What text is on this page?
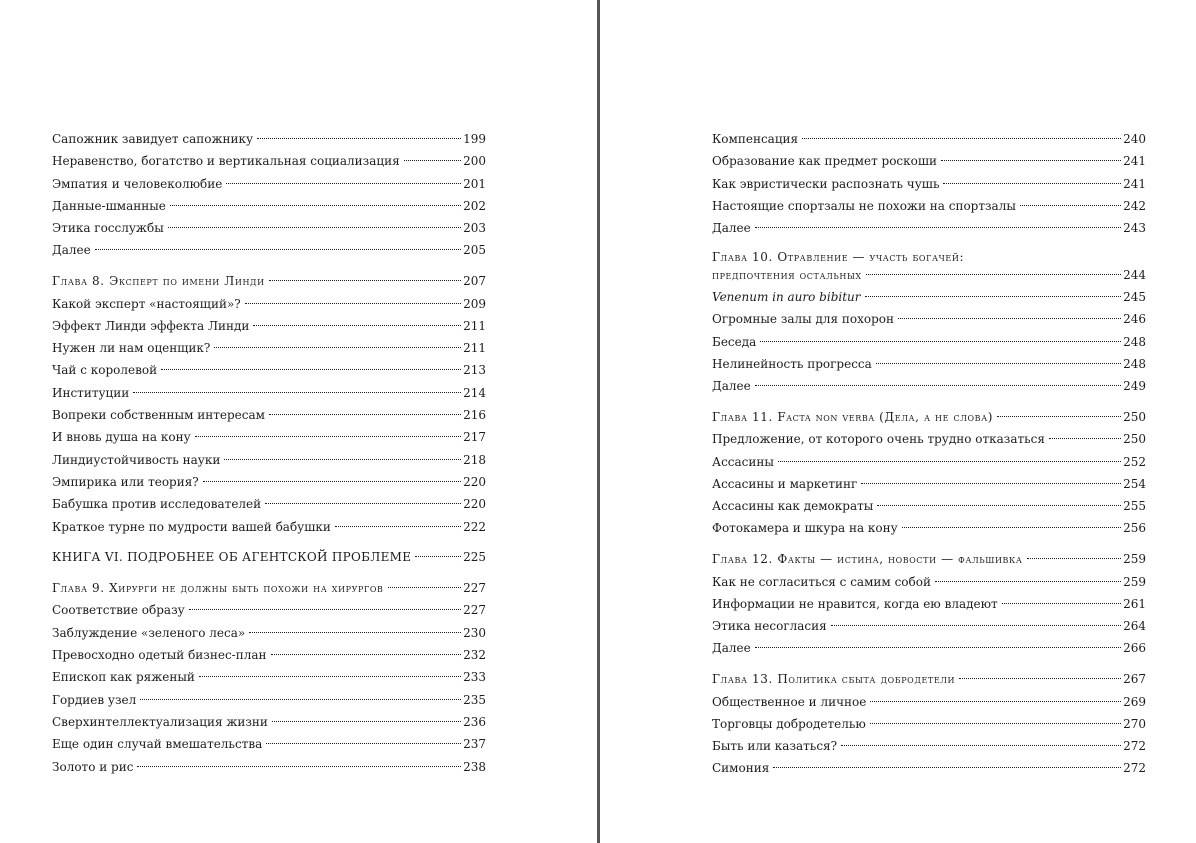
Сапожник завидует сапожнику	199
Неравенство, богатство и вертикальная социализация	200
Эмпатия и человеколюбие	201
Данные-шманные	202
Этика госслужбы	203
Далее	205
Глава 8. Эксперт по имени Линди	207
Какой эксперт «настоящий»?	209
Эффект Линди эффекта Линди	211
Нужен ли нам оценщик?	211
Чай с королевой	213
Институции	214
Вопреки собственным интересам	216
И вновь душа на кону	217
Линдиустойчивость науки	218
Эмпирика или теория?	220
Бабушка против исследователей	220
Краткое турне по мудрости вашей бабушки	222
КНИГА VI. ПОДРОБНЕЕ ОБ АГЕНТСКОЙ ПРОБЛЕМЕ	225
Глава 9. Хирурги не должны быть похожи на хирургов	227
Соответствие образу	227
Заблуждение «зеленого леса»	230
Превосходно одетый бизнес-план	232
Епископ как ряженый	233
Гордиев узел	235
Сверхинтеллектуализация жизни	236
Еще один случай вмешательства	237
Золото и рис	238
Компенсация	240
Образование как предмет роскоши	241
Как эвристически распознать чушь	241
Настоящие спортзалы не похожи на спортзалы	242
Далее	243
Глава 10. Отравление — участь богачей:
предпочтения остальных	244
Venenum in auro bibitur	245
Огромные залы для похорон	246
Беседа	248
Нелинейность прогресса	248
Далее	249
Глава 11. Facta non verba (Дела, а не слова)	250
Предложение, от которого очень трудно отказаться	250
Ассасины	252
Ассасины и маркетинг	254
Ассасины как демократы	255
Фотокамера и шкура на кону	256
Глава 12. Факты — истина, новости — фальшивка	259
Как не согласиться с самим собой	259
Информации не нравится, когда ею владеют	261
Этика несогласия	264
Далее	266
Глава 13. Политика сбыта добродетели	267
Общественное и личное	269
Торговцы добродетелью	270
Быть или казаться?	272
Симония	272
